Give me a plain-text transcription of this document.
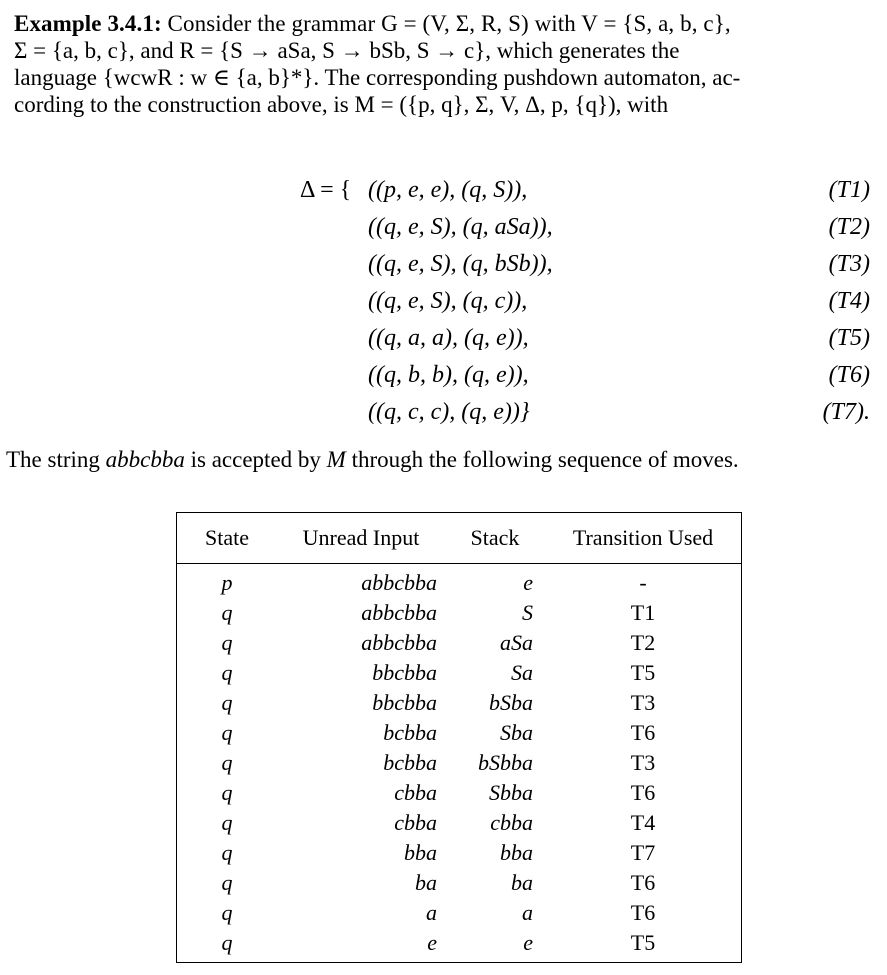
Example 3.4.1: Consider the grammar G = (V, Σ, R, S) with V = {S, a, b, c},
Σ = {a, b, c}, and R = {S → aSa, S → bSb, S → c}, which generates the
language {wcwR : w ∈ {a, b}*}. The corresponding pushdown automaton, ac-
cording to the construction above, is M = ({p, q}, Σ, V, Δ, p, {q}), with
Δ = { ((p, e, e), (q, S)),	(T1)
((q, e, S), (q, aSa)),	(T2)
((q, e, S), (q, bSb)),	(T3)
((q, e, S), (q, c)),	(T4)
((q, a, a), (q, e)),	(T5)
((q, b, b), (q, e)),	(T6)
((q, c, c), (q, e))}	(T7).
The string abbcbba is accepted by M through the following sequence of moves.
State	Unread Input	Stack	Transition Used
p	abbcbba	e	-
q	abbcbba	S	T1
q	abbcbba	aSa	T2
q	bbcbba	Sa	T5
q	bbcbba	bSba	T3
q	bcbba	Sba	T6
q	bcbba	bSbba	T3
q	cbba	Sbba	T6
q	cbba	cbba	T4
q	bba	bba	T7
q	ba	ba	T6
q	a	a	T6
q	e	e	T5
